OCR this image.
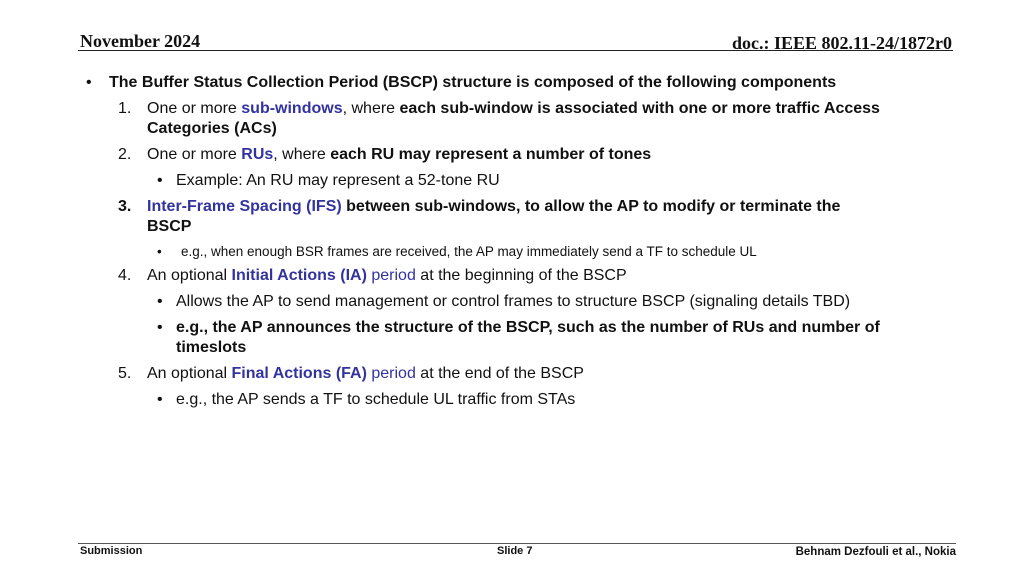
November 2024	doc.: IEEE 802.11-24/1872r0
• The Buffer Status Collection Period (BSCP) structure is composed of the following components
1. One or more sub-windows, where each sub-window is associated with one or more traffic Access
Categories (ACs)
2. One or more RUs, where each RU may represent a number of tones
• Example: An RU may represent a 52-tone RU
3. Inter-Frame Spacing (IFS) between sub-windows, to allow the AP to modify or terminate the
BSCP
• e.g., when enough BSR frames are received, the AP may immediately send a TF to schedule UL
4. An optional Initial Actions (IA) period at the beginning of the BSCP
• Allows the AP to send management or control frames to structure BSCP (signaling details TBD)
• e.g., the AP announces the structure of the BSCP, such as the number of RUs and number of
timeslots
5. An optional Final Actions (FA) period at the end of the BSCP
• e.g., the AP sends a TF to schedule UL traffic from STAs
Submission	Slide 7	Behnam Dezfouli et al., Nokia
